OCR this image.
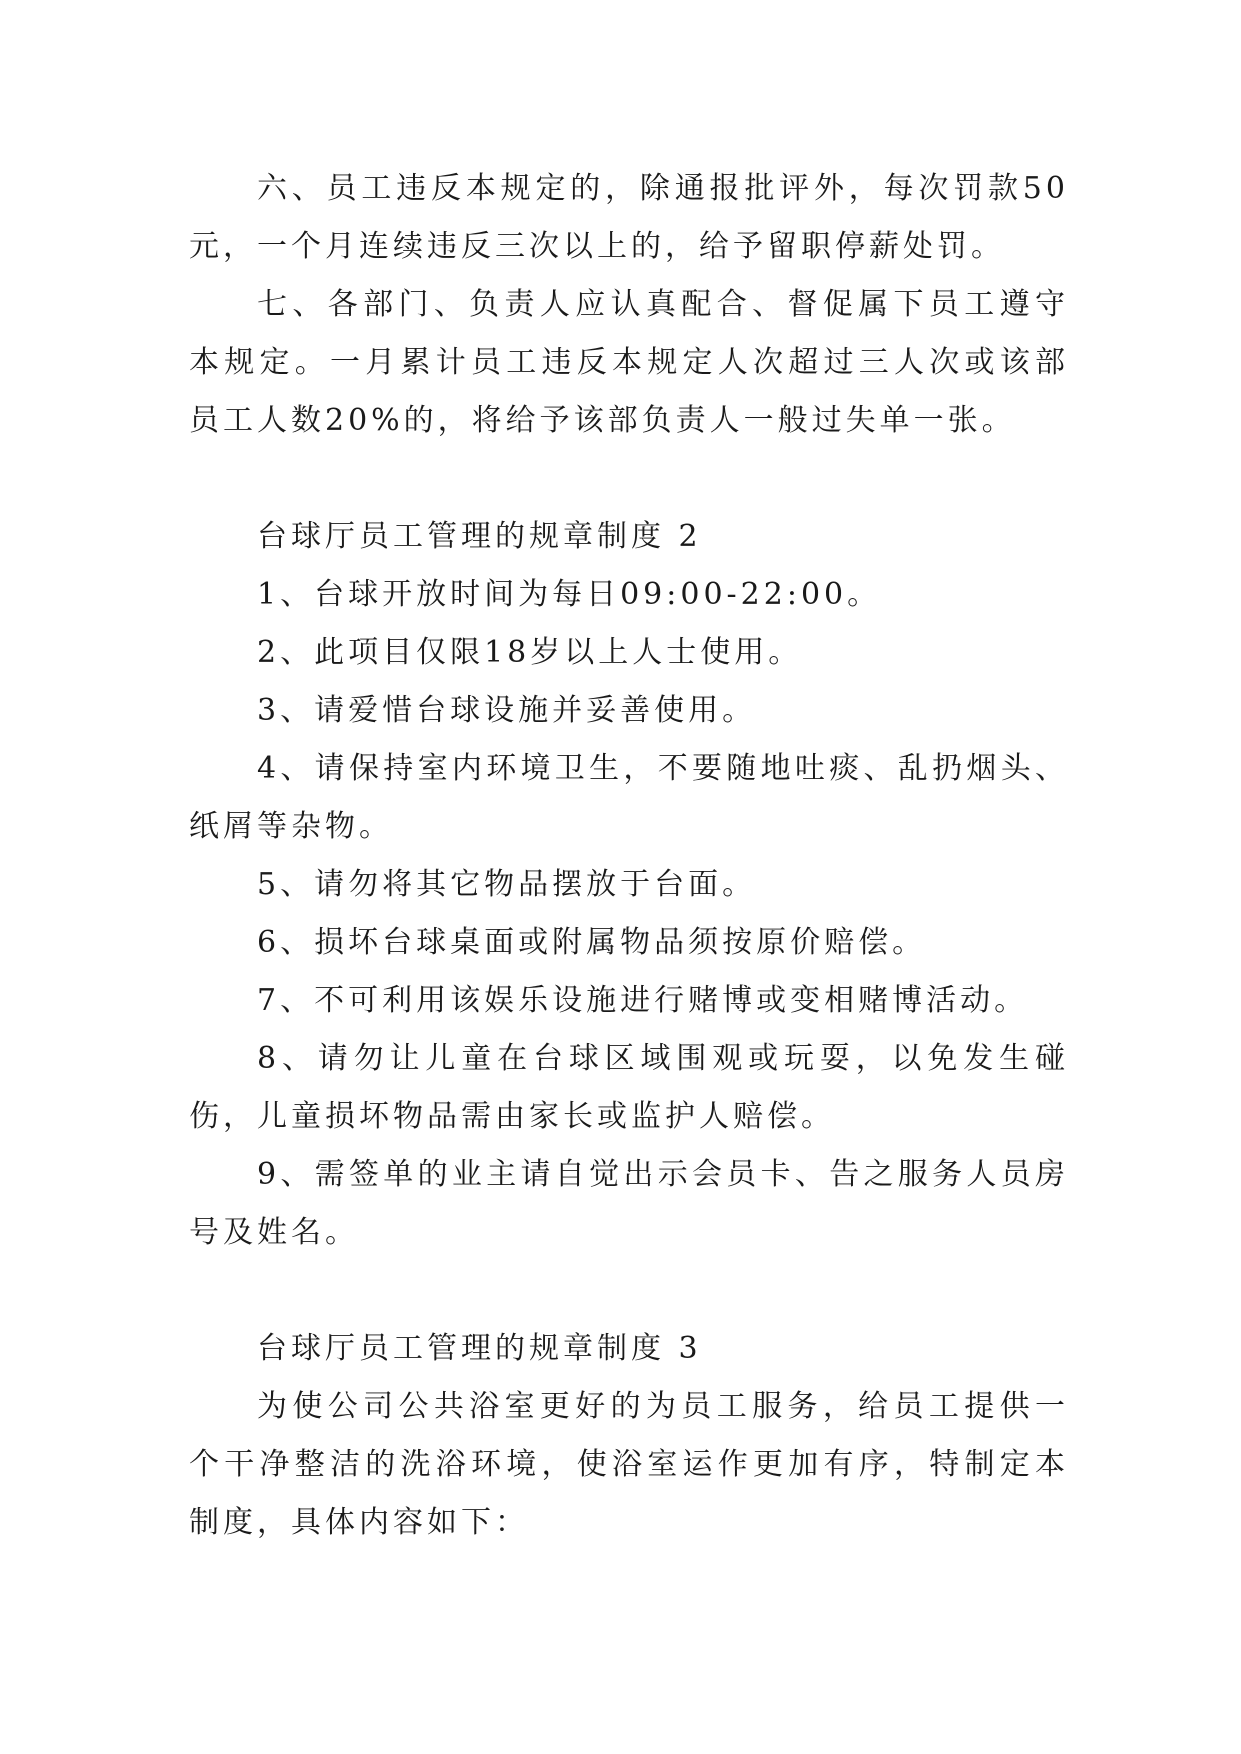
六、员工违反本规定的，除通报批评外，每次罚款50元，一个月连续违反三次以上的，给予留职停薪处罚。

七、各部门、负责人应认真配合、督促属下员工遵守本规定。一月累计员工违反本规定人次超过三人次或该部员工人数20%的，将给予该部负责人一般过失单一张。

台球厅员工管理的规章制度 2

1、台球开放时间为每日09:00-22:00。

2、此项目仅限18岁以上人士使用。

3、请爱惜台球设施并妥善使用。

4、请保持室内环境卫生，不要随地吐痰、乱扔烟头、纸屑等杂物。

5、请勿将其它物品摆放于台面。

6、损坏台球桌面或附属物品须按原价赔偿。

7、不可利用该娱乐设施进行赌博或变相赌博活动。

8、请勿让儿童在台球区域围观或玩耍，以免发生碰伤，儿童损坏物品需由家长或监护人赔偿。

9、需签单的业主请自觉出示会员卡、告之服务人员房号及姓名。

台球厅员工管理的规章制度 3

为使公司公共浴室更好的为员工服务，给员工提供一个干净整洁的洗浴环境，使浴室运作更加有序，特制定本制度，具体内容如下：
